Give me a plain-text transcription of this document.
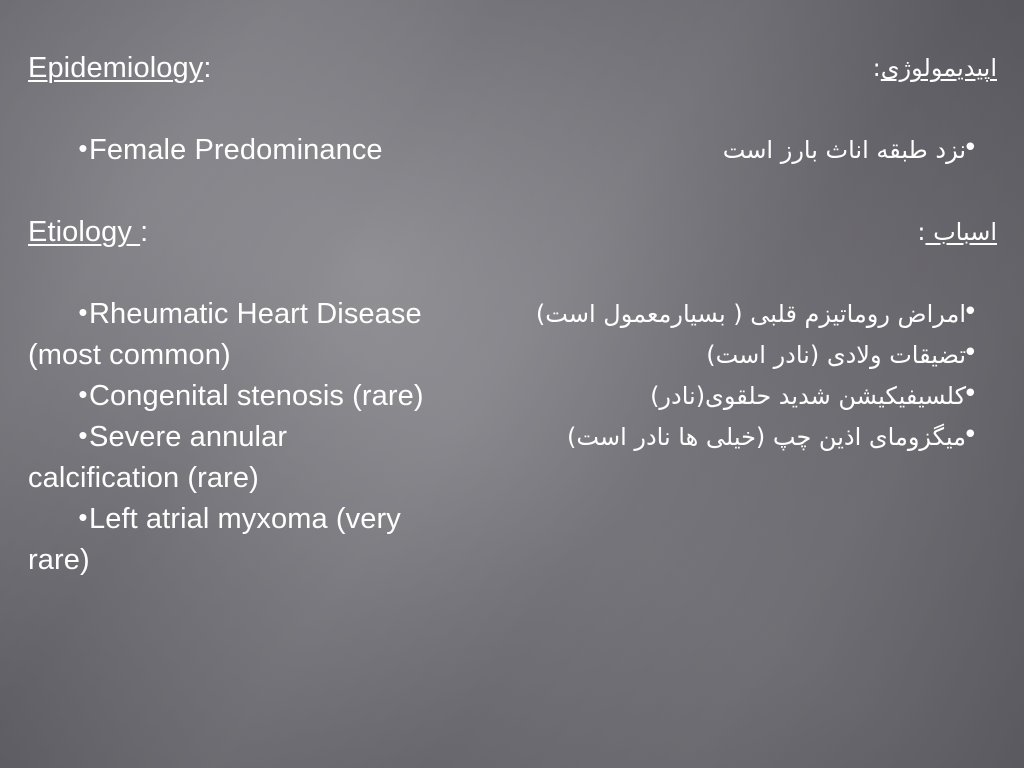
Epidemiology:
•Female Predominance
Etiology :
•Rheumatic Heart Disease
(most common)
•Congenital stenosis (rare)
•Severe annular
calcification (rare)
•Left atrial myxoma (very
rare)
اپیدیمولوژی:
•نزد طبقه اناث بارز است
اسباب :
•امراض روماتیزم قلبی ( بسیارمعمول است)
•تضیقات ولادی (نادر است)
•کلسیفیکیشن شدید حلقوی(نادر)
•میگزومای اذین چپ (خیلی ها نادر است)
